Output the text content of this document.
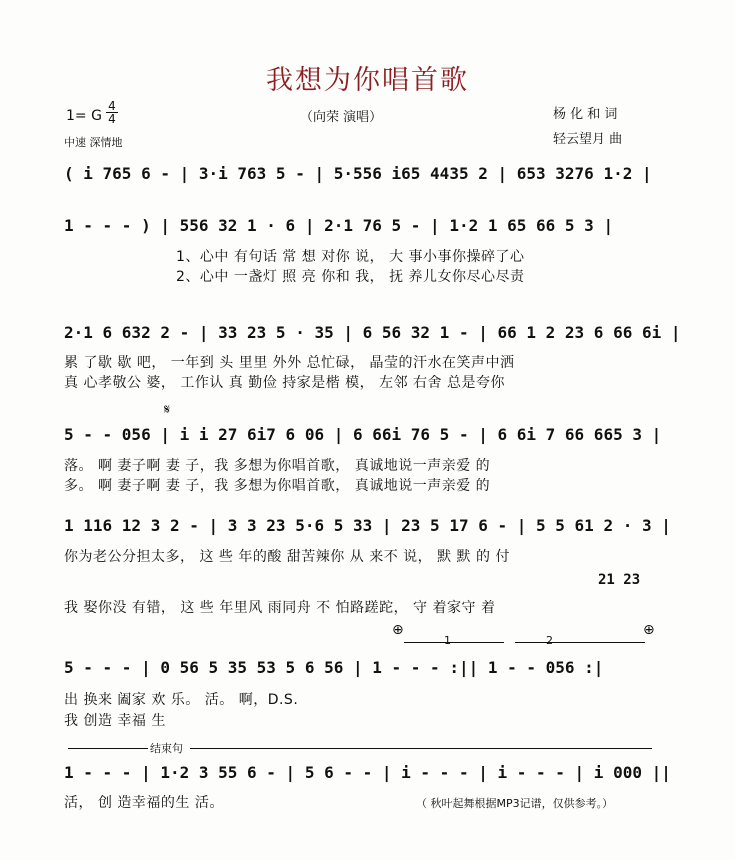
我想为你唱首歌
（向荣 演唱）
1= G
4
4
中速 深情地
杨 化 和 词
轻云望月 曲
( i 765 6 - | 3·i 763 5 - | 5·556 i65 4435 2 | 653 3276 1·2 |
1 - - - ) | 556 32 1 · 6 | 2·1 76 5 - | 1·2 1 65 66 5 3 |
1、心中 有句话 常 想 对你 说， 大 事小事你操碎了心
2、心中 一盏灯 照 亮 你和 我， 抚 养儿女你尽心尽责
2·1 6 632 2 - | 33 23 5 · 35 | 6 56 32 1 - | 66 1 2 23 6 66 6i |
累 了歇 歇 吧， 一年到 头 里里 外外 总忙碌， 晶莹的汗水在笑声中洒
真 心孝敬公 婆， 工作认 真 勤俭 持家是楷 模， 左邻 右舍 总是夸你
𝄋
5 - - 056 | i i 27 6i7 6 06 | 6 66i 76 5 - | 6 6i 7 66 665 3 |
落。 啊 妻子啊 妻 子，我 多想为你唱首歌， 真诚地说一声亲爱 的
多。 啊 妻子啊 妻 子，我 多想为你唱首歌， 真诚地说一声亲爱 的
1 116 12 3 2 - | 3 3 23 5·6 5 33 | 23 5 17 6 - | 5 5 61 2 · 3 |
你为老公分担太多， 这 些 年的酸 甜苦辣你 从 来不 说， 默 默 的 付
21 23
我 娶你没 有错， 这 些 年里风 雨同舟 不 怕路蹉跎， 守 着家守 着
⊕	⊕
1	2
5 - - - | 0 56 5 35 53 5 6 56 | 1 - - - :|| 1 - - 056 :|
出 换来 阖家 欢 乐。 活。 啊，D.S.
我 创造 幸福 生
结束句
1 - - - | 1·2 3 55 6 - | 5 6 - - | i - - - | i - - - | i 000 ||
活， 创 造幸福的生 活。	（ 秋叶起舞根据MP3记谱，仅供参考。）
